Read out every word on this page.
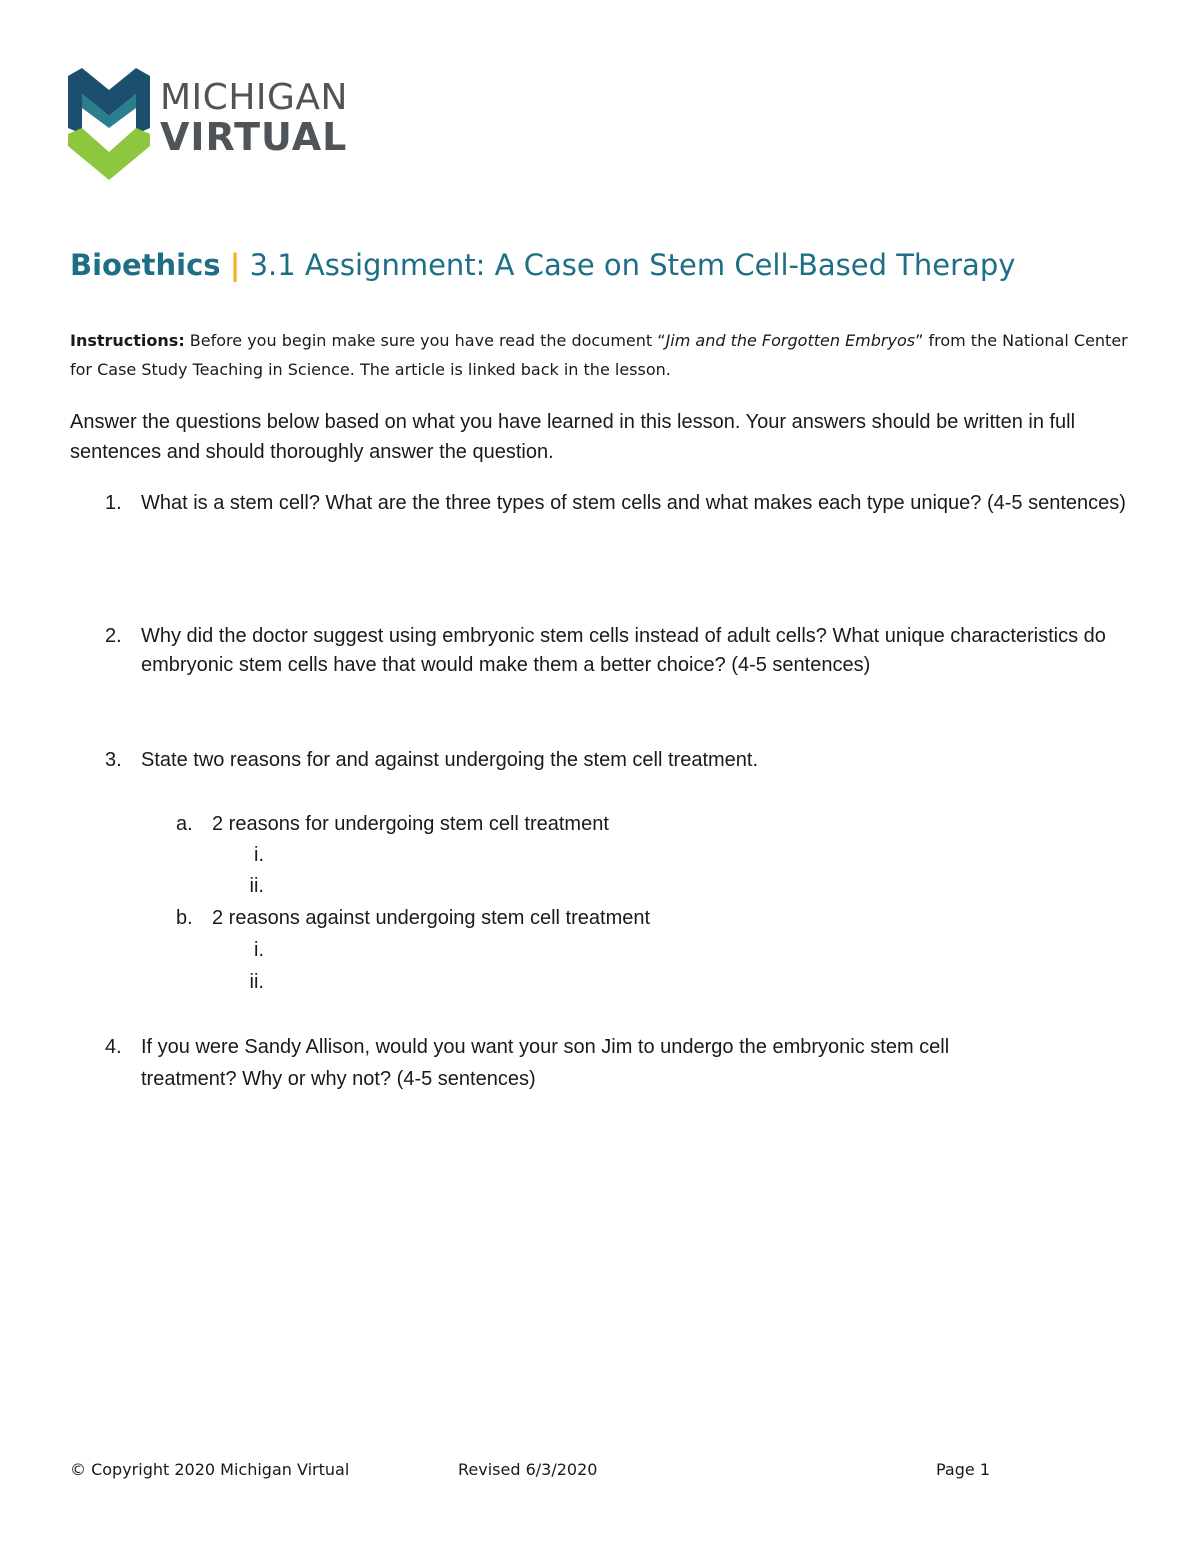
MICHIGAN
VIRTUAL
Bioethics | 3.1 Assignment: A Case on Stem Cell-Based Therapy
Instructions: Before you begin make sure you have read the document “Jim and the Forgotten Embryos” from the National Center for Case Study Teaching in Science. The article is linked back in the lesson.
Answer the questions below based on what you have learned in this lesson. Your answers should be written in full sentences and should thoroughly answer the question.
1. What is a stem cell? What are the three types of stem cells and what makes each type unique? (4-5 sentences)
2. Why did the doctor suggest using embryonic stem cells instead of adult cells? What unique characteristics do embryonic stem cells have that would make them a better choice? (4-5 sentences)
3. State two reasons for and against undergoing the stem cell treatment.
a. 2 reasons for undergoing stem cell treatment
i.
ii.
b. 2 reasons against undergoing stem cell treatment
i.
ii.
4. If you were Sandy Allison, would you want your son Jim to undergo the embryonic stem cell treatment? Why or why not? (4-5 sentences)
© Copyright 2020 Michigan Virtual	Revised 6/3/2020	Page 1
